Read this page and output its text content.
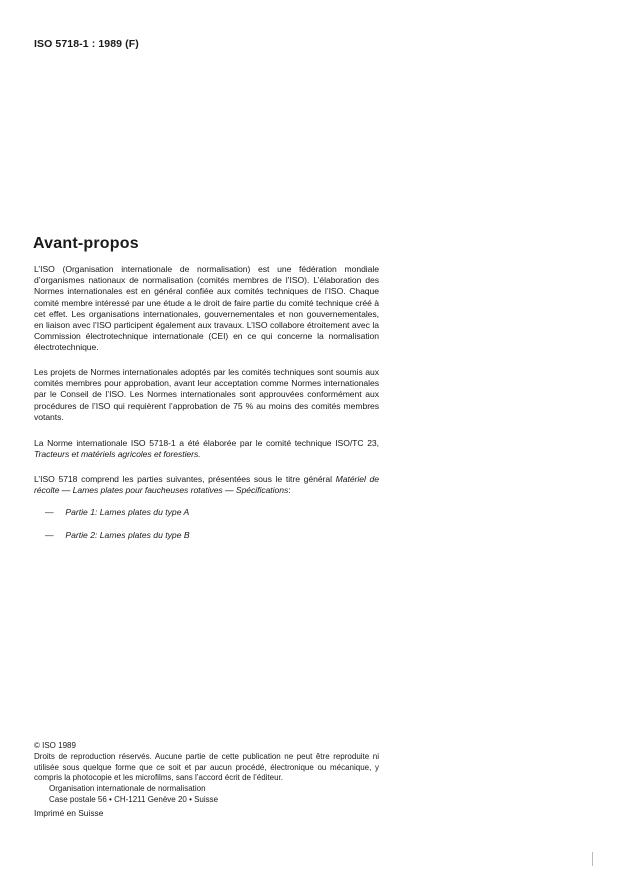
ISO 5718-1 : 1989 (F)
Avant-propos
L’ISO (Organisation internationale de normalisation) est une fédération mondiale d’organismes nationaux de normalisation (comités membres de l’ISO). L’élaboration des Normes internationales est en général confiée aux comités techniques de l’ISO. Chaque comité membre intéressé par une étude a le droit de faire partie du comité technique créé à cet effet. Les organisations internationales, gouvernementales et non gouvernementales, en liaison avec l’ISO participent également aux travaux. L’ISO collabore étroitement avec la Commission électrotechnique internationale (CEI) en ce qui concerne la normalisation électrotechnique.
Les projets de Normes internationales adoptés par les comités techniques sont soumis aux comités membres pour approbation, avant leur acceptation comme Normes internationales par le Conseil de l’ISO. Les Normes internationales sont approuvées conformément aux procédures de l’ISO qui requièrent l’approbation de 75 % au moins des comités membres votants.
La Norme internationale ISO 5718-1 a été élaborée par le comité technique ISO/TC 23, Tracteurs et matériels agricoles et forestiers.
L’ISO 5718 comprend les parties suivantes, présentées sous le titre général Matériel de récolte — Lames plates pour faucheuses rotatives — Spécifications:
— Partie 1: Lames plates du type A
— Partie 2: Lames plates du type B
© ISO 1989
Droits de reproduction réservés. Aucune partie de cette publication ne peut être reproduite ni utilisée sous quelque forme que ce soit et par aucun procédé, électronique ou mécanique, y compris la photocopie et les microfilms, sans l’accord écrit de l’éditeur.
Organisation internationale de normalisation
Case postale 56 • CH-1211 Genève 20 • Suisse
Imprimé en Suisse
